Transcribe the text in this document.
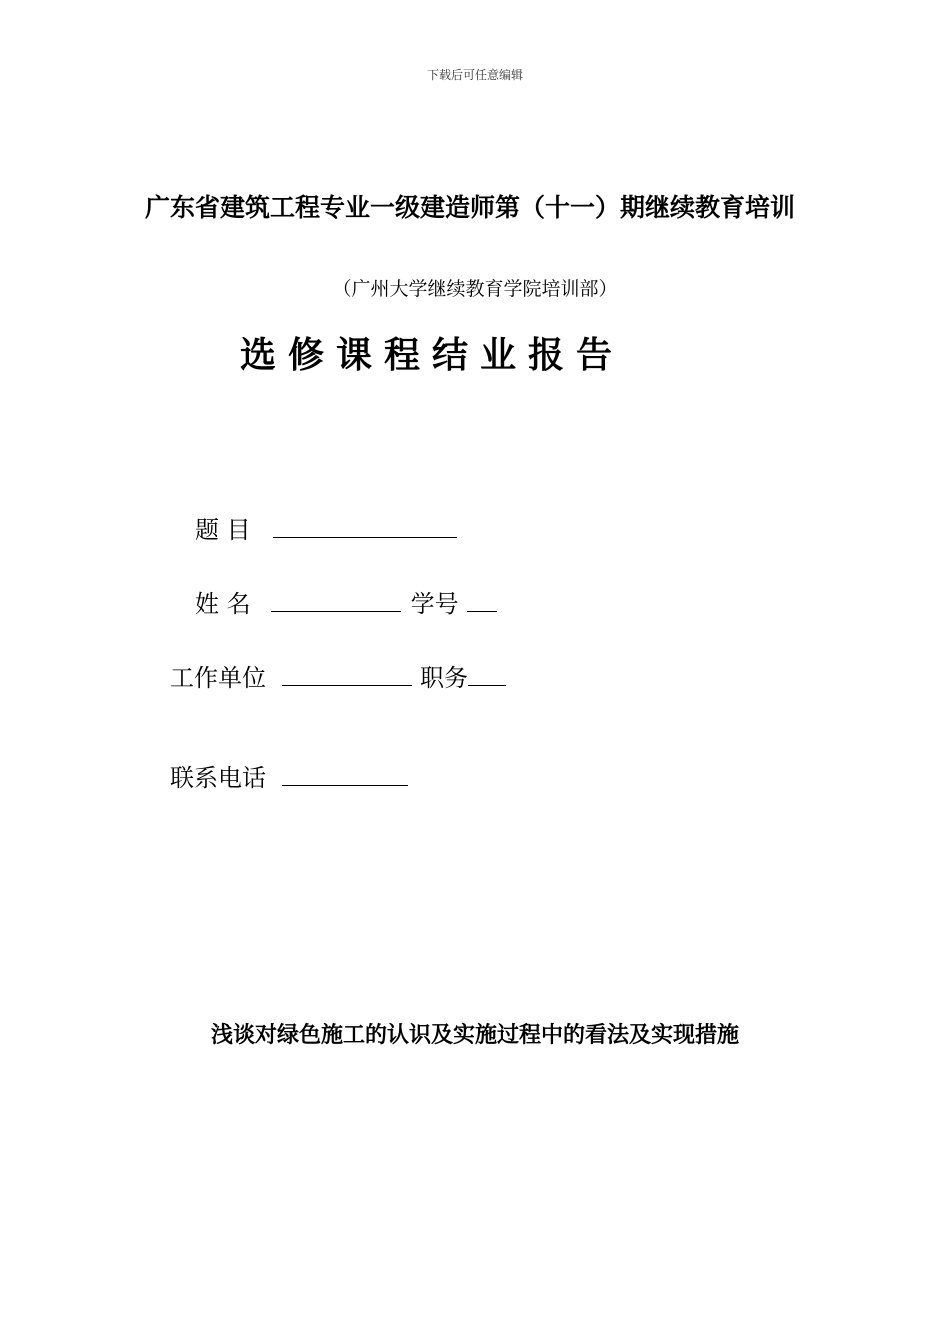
下载后可任意编辑
广东省建筑工程专业一级建造师第（十一）期继续教育培训
（广州大学继续教育学院培训部）
选修课程结业报告
题 目
姓 名	学号
工作单位	职务
联系电话
浅谈对绿色施工的认识及实施过程中的看法及实现措施
